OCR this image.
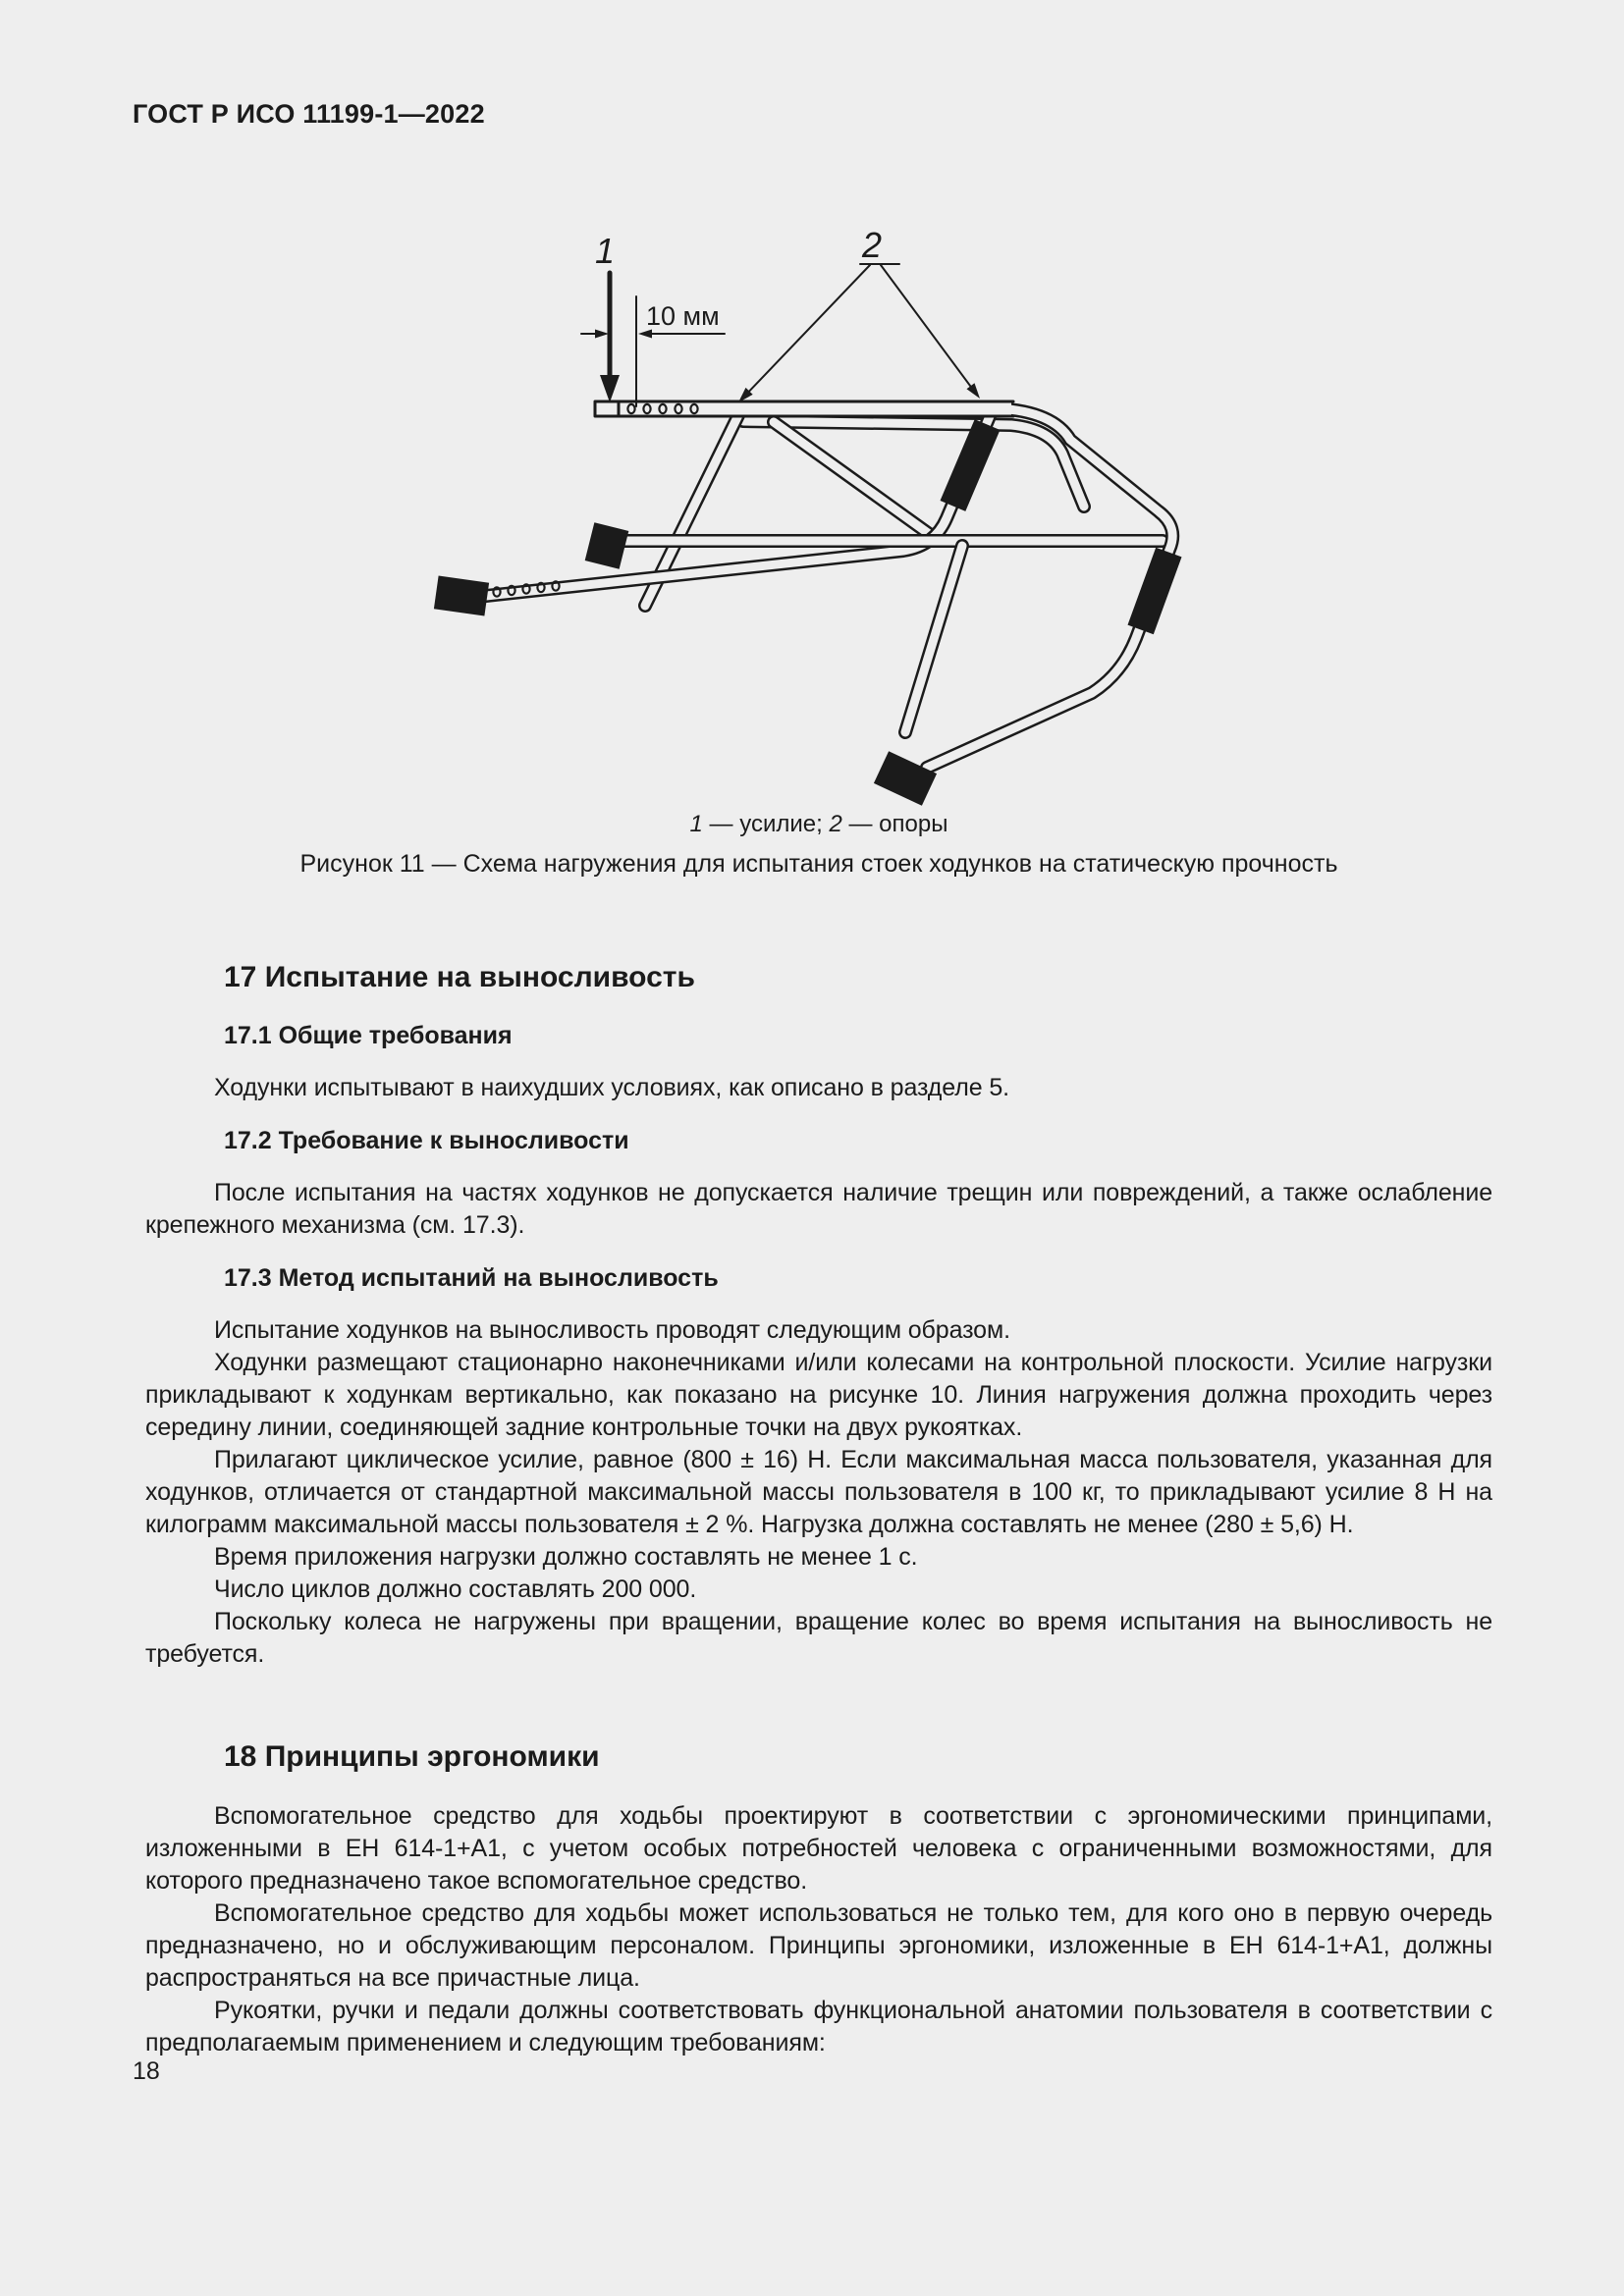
ГОСТ Р ИСО 11199-1—2022
1	2
10 мм
1 — усилие; 2 — опоры
Рисунок 11 — Схема нагружения для испытания стоек ходунков на статическую прочность
17 Испытание на выносливость
17.1 Общие требования

Ходунки испытывают в наихудших условиях, как описано в разделе 5.

17.2 Требование к выносливости

После испытания на частях ходунков не допускается наличие трещин или повреждений, а также ослабление крепежного механизма (см. 17.3).

17.3 Метод испытаний на выносливость

Испытание ходунков на выносливость проводят следующим образом.

Ходунки размещают стационарно наконечниками и/или колесами на контрольной плоскости. Усилие нагрузки прикладывают к ходункам вертикально, как показано на рисунке 10. Линия нагружения должна проходить через середину линии, соединяющей задние контрольные точки на двух рукоятках.

Прилагают циклическое усилие, равное (800 ± 16) Н. Если максимальная масса пользователя, указанная для ходунков, отличается от стандартной максимальной массы пользователя в 100 кг, то прикладывают усилие 8 Н на килограмм максимальной массы пользователя ± 2 %. Нагрузка должна составлять не менее (280 ± 5,6) Н.

Время приложения нагрузки должно составлять не менее 1 с.

Число циклов должно составлять 200 000.

Поскольку колеса не нагружены при вращении, вращение колес во время испытания на выносливость не требуется.

18 Принципы эргономики

Вспомогательное средство для ходьбы проектируют в соответствии с эргономическими принципами, изложенными в ЕН 614-1+А1, с учетом особых потребностей человека с ограниченными возможностями, для которого предназначено такое вспомогательное средство.

Вспомогательное средство для ходьбы может использоваться не только тем, для кого оно в первую очередь предназначено, но и обслуживающим персоналом. Принципы эргономики, изложенные в ЕН 614-1+А1, должны распространяться на все причастные лица.

Рукоятки, ручки и педали должны соответствовать функциональной анатомии пользователя в соответствии с предполагаемым применением и следующим требованиям:

18
